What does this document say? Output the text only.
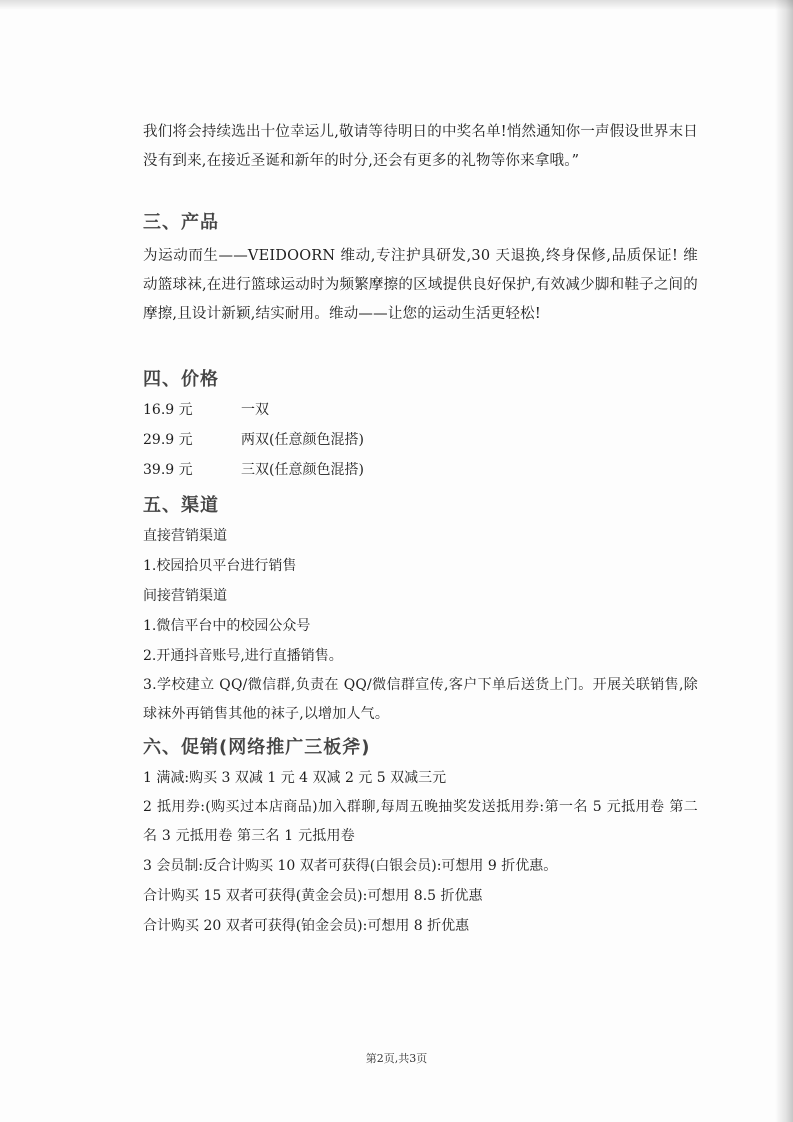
我们将会持续选出十位幸运儿,敬请等待明日的中奖名单!悄然通知你一声假设世界末日没有到来,在接近圣诞和新年的时分,还会有更多的礼物等你来拿哦。”

三、产品

为运动而生——VEIDOORN 维动,专注护具研发,30 天退换,终身保修,品质保证! 维动篮球袜,在进行篮球运动时为频繁摩擦的区域提供良好保护,有效减少脚和鞋子之间的摩擦,且设计新颖,结实耐用。维动——让您的运动生活更轻松!

四、价格
16.9 元	一双
29.9 元	两双(任意颜色混搭)
39.9 元	三双(任意颜色混搭)
五、渠道

直接营销渠道

1.校园拾贝平台进行销售

间接营销渠道

1.微信平台中的校园公众号

2.开通抖音账号,进行直播销售。

3.学校建立 QQ/微信群,负责在 QQ/微信群宣传,客户下单后送货上门。开展关联销售,除球袜外再销售其他的袜子,以增加人气。

六、促销(网络推广三板斧)

1 满减:购买 3 双减 1 元 4 双减 2 元 5 双减三元

2 抵用券:(购买过本店商品)加入群聊,每周五晚抽奖发送抵用券:第一名 5 元抵用卷 第二名 3 元抵用卷 第三名 1 元抵用卷

3 会员制:反合计购买 10 双者可获得(白银会员):可想用 9 折优惠。

合计购买 15 双者可获得(黄金会员):可想用 8.5 折优惠

合计购买 20 双者可获得(铂金会员):可想用 8 折优惠

第2页,共3页
